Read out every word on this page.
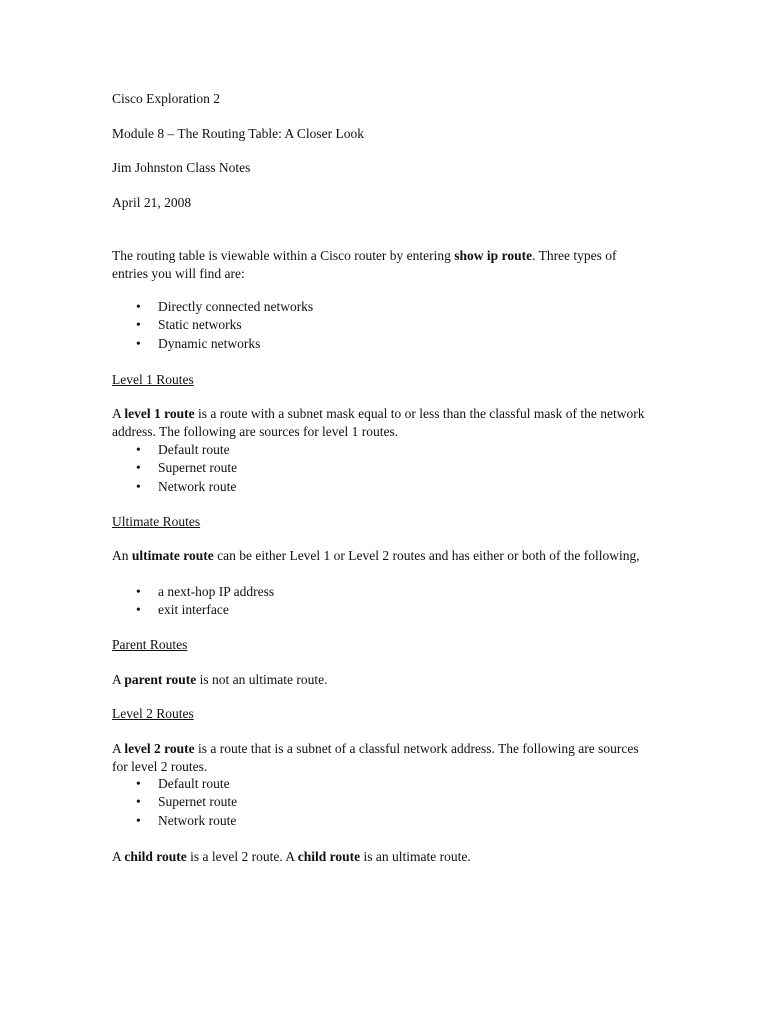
Cisco Exploration 2
Module 8 – The Routing Table: A Closer Look
Jim Johnston Class Notes
April 21, 2008
The routing table is viewable within a Cisco router by entering show ip route. Three types of entries you will find are:
• Directly connected networks
• Static networks
• Dynamic networks
Level 1 Routes
A level 1 route is a route with a subnet mask equal to or less than the classful mask of the network address. The following are sources for level 1 routes.
• Default route
• Supernet route
• Network route
Ultimate Routes
An ultimate route can be either Level 1 or Level 2 routes and has either or both of the following,
• a next-hop IP address
• exit interface
Parent Routes
A parent route is not an ultimate route.
Level 2 Routes
A level 2 route is a route that is a subnet of a classful network address. The following are sources for level 2 routes.
• Default route
• Supernet route
• Network route
A child route is a level 2 route. A child route is an ultimate route.
